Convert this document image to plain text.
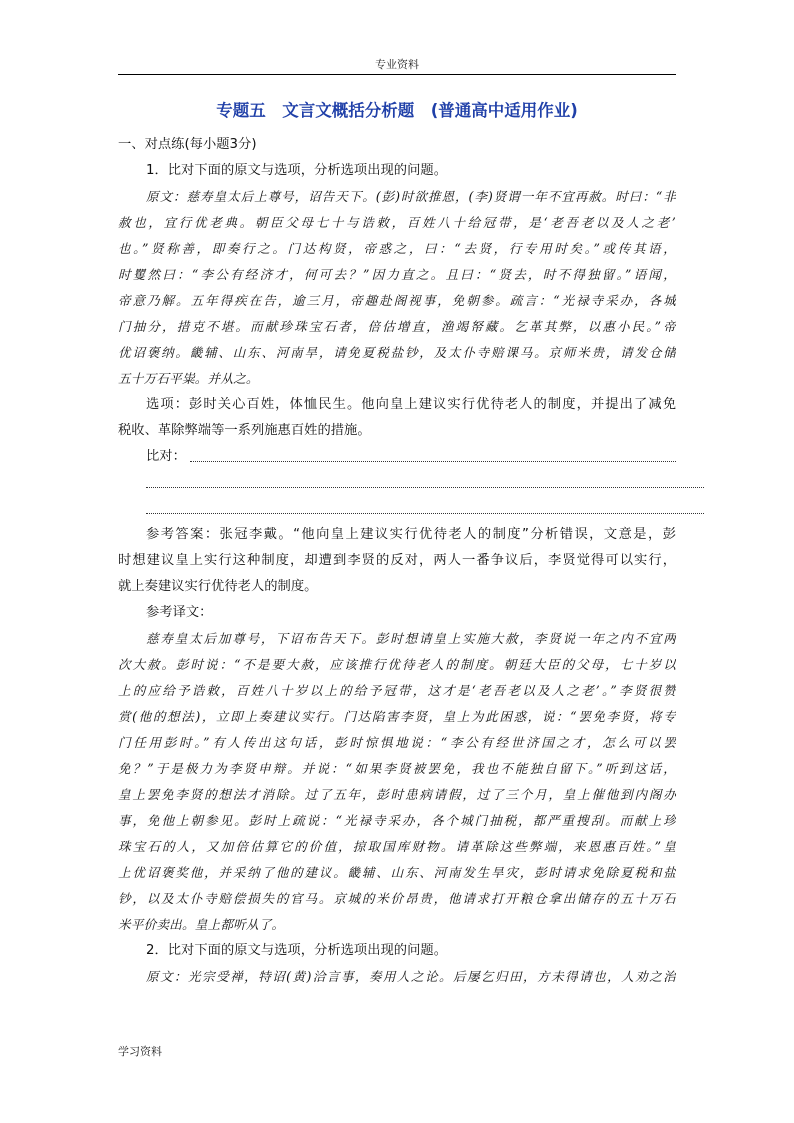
专业资料
专题五　文言文概括分析题　(普通高中适用作业)
一、对点练(每小题3分)
1．比对下面的原文与选项，分析选项出现的问题。
原文：慈寿皇太后上尊号，诏告天下。(彭)时欲推恩，(李)贤谓一年不宜再赦。时曰：“非
赦也，宜行优老典。朝臣父母七十与诰敕，百姓八十给冠带，是‘老吾老以及人之老’
也。”贤称善，即奏行之。门达构贤，帝惑之，曰：“去贤，行专用时矣。”或传其语，
时矍然曰：“李公有经济才，何可去？”因力直之。且曰：“贤去，时不得独留。”语闻，
帝意乃解。五年得疾在告，逾三月，帝趣赴阁视事，免朝参。疏言：“光禄寺采办，各城
门抽分，措克不堪。而献珍珠宝石者，倍估增直，渔竭帑藏。乞革其弊，以惠小民。”帝
优诏褒纳。畿辅、山东、河南旱，请免夏税盐钞，及太仆寺赔课马。京师米贵，请发仓储
五十万石平粜。并从之。
选项：彭时关心百姓，体恤民生。他向皇上建议实行优待老人的制度，并提出了减免
税收、革除弊端等一系列施惠百姓的措施。
比对：
参考答案：张冠李戴。“他向皇上建议实行优待老人的制度”分析错误，文意是，彭
时想建议皇上实行这种制度，却遭到李贤的反对，两人一番争议后，李贤觉得可以实行，
就上奏建议实行优待老人的制度。
参考译文：
慈寿皇太后加尊号，下诏布告天下。彭时想请皇上实施大赦，李贤说一年之内不宜两
次大赦。彭时说：“不是要大赦，应该推行优待老人的制度。朝廷大臣的父母，七十岁以
上的应给予诰敕，百姓八十岁以上的给予冠带，这才是‘老吾老以及人之老’。”李贤很赞
赏(他的想法)，立即上奏建议实行。门达陷害李贤，皇上为此困惑，说：“罢免李贤，将专
门任用彭时。”有人传出这句话，彭时惊惧地说：“李公有经世济国之才，怎么可以罢
免？”于是极力为李贤申辩。并说：“如果李贤被罢免，我也不能独自留下。”听到这话，
皇上罢免李贤的想法才消除。过了五年，彭时患病请假，过了三个月，皇上催他到内阁办
事，免他上朝参见。彭时上疏说：“光禄寺采办，各个城门抽税，都严重搜刮。而献上珍
珠宝石的人，又加倍估算它的价值，掠取国库财物。请革除这些弊端，来恩惠百姓。”皇
上优诏褒奖他，并采纳了他的建议。畿辅、山东、河南发生旱灾，彭时请求免除夏税和盐
钞，以及太仆寺赔偿损失的官马。京城的米价昂贵，他请求打开粮仓拿出储存的五十万石
米平价卖出。皇上都听从了。
2．比对下面的原文与选项，分析选项出现的问题。
原文：光宗受禅，特诏(黄)洽言事，奏用人之论。后屡乞归田，方未得请也，人劝之治
学习资料
